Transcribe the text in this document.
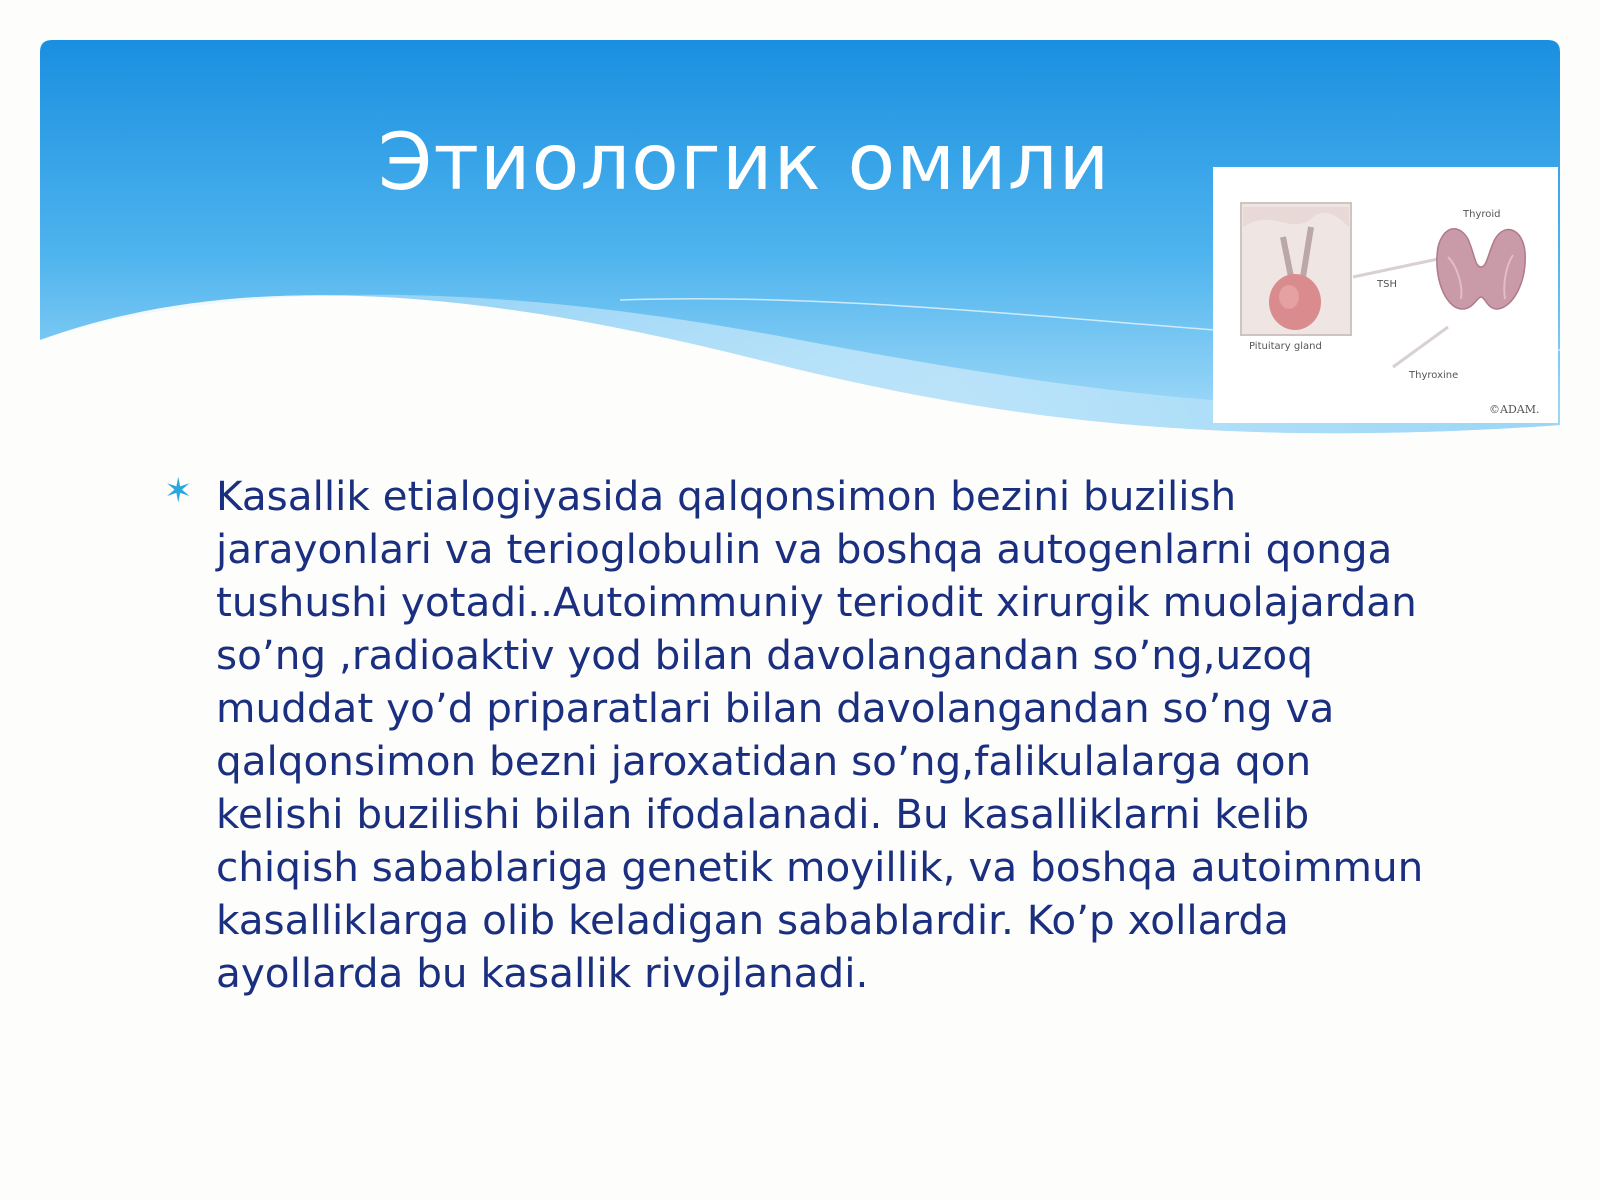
Этиологик омили
Thyroid
TSH
Pituitary gland
Thyroxine
©ADAM.
✶ Kasallik etialogiyasida qalqonsimon bezini buzilish jarayonlari va terioglobulin va boshqa autogenlarni qonga tushushi yotadi..Autoimmuniy teriodit xirurgik muolajardan so’ng ,radioaktiv yod bilan davolangandan so’ng,uzoq muddat yo’d priparatlari bilan davolangandan so’ng va qalqonsimon bezni jaroxatidan so’ng,falikulalarga qon kelishi buzilishi bilan ifodalanadi. Bu kasalliklarni kelib chiqish sabablariga genetik moyillik, va boshqa autoimmun kasalliklarga olib keladigan sabablardir. Ko’p xollarda ayollarda bu kasallik rivojlanadi.
